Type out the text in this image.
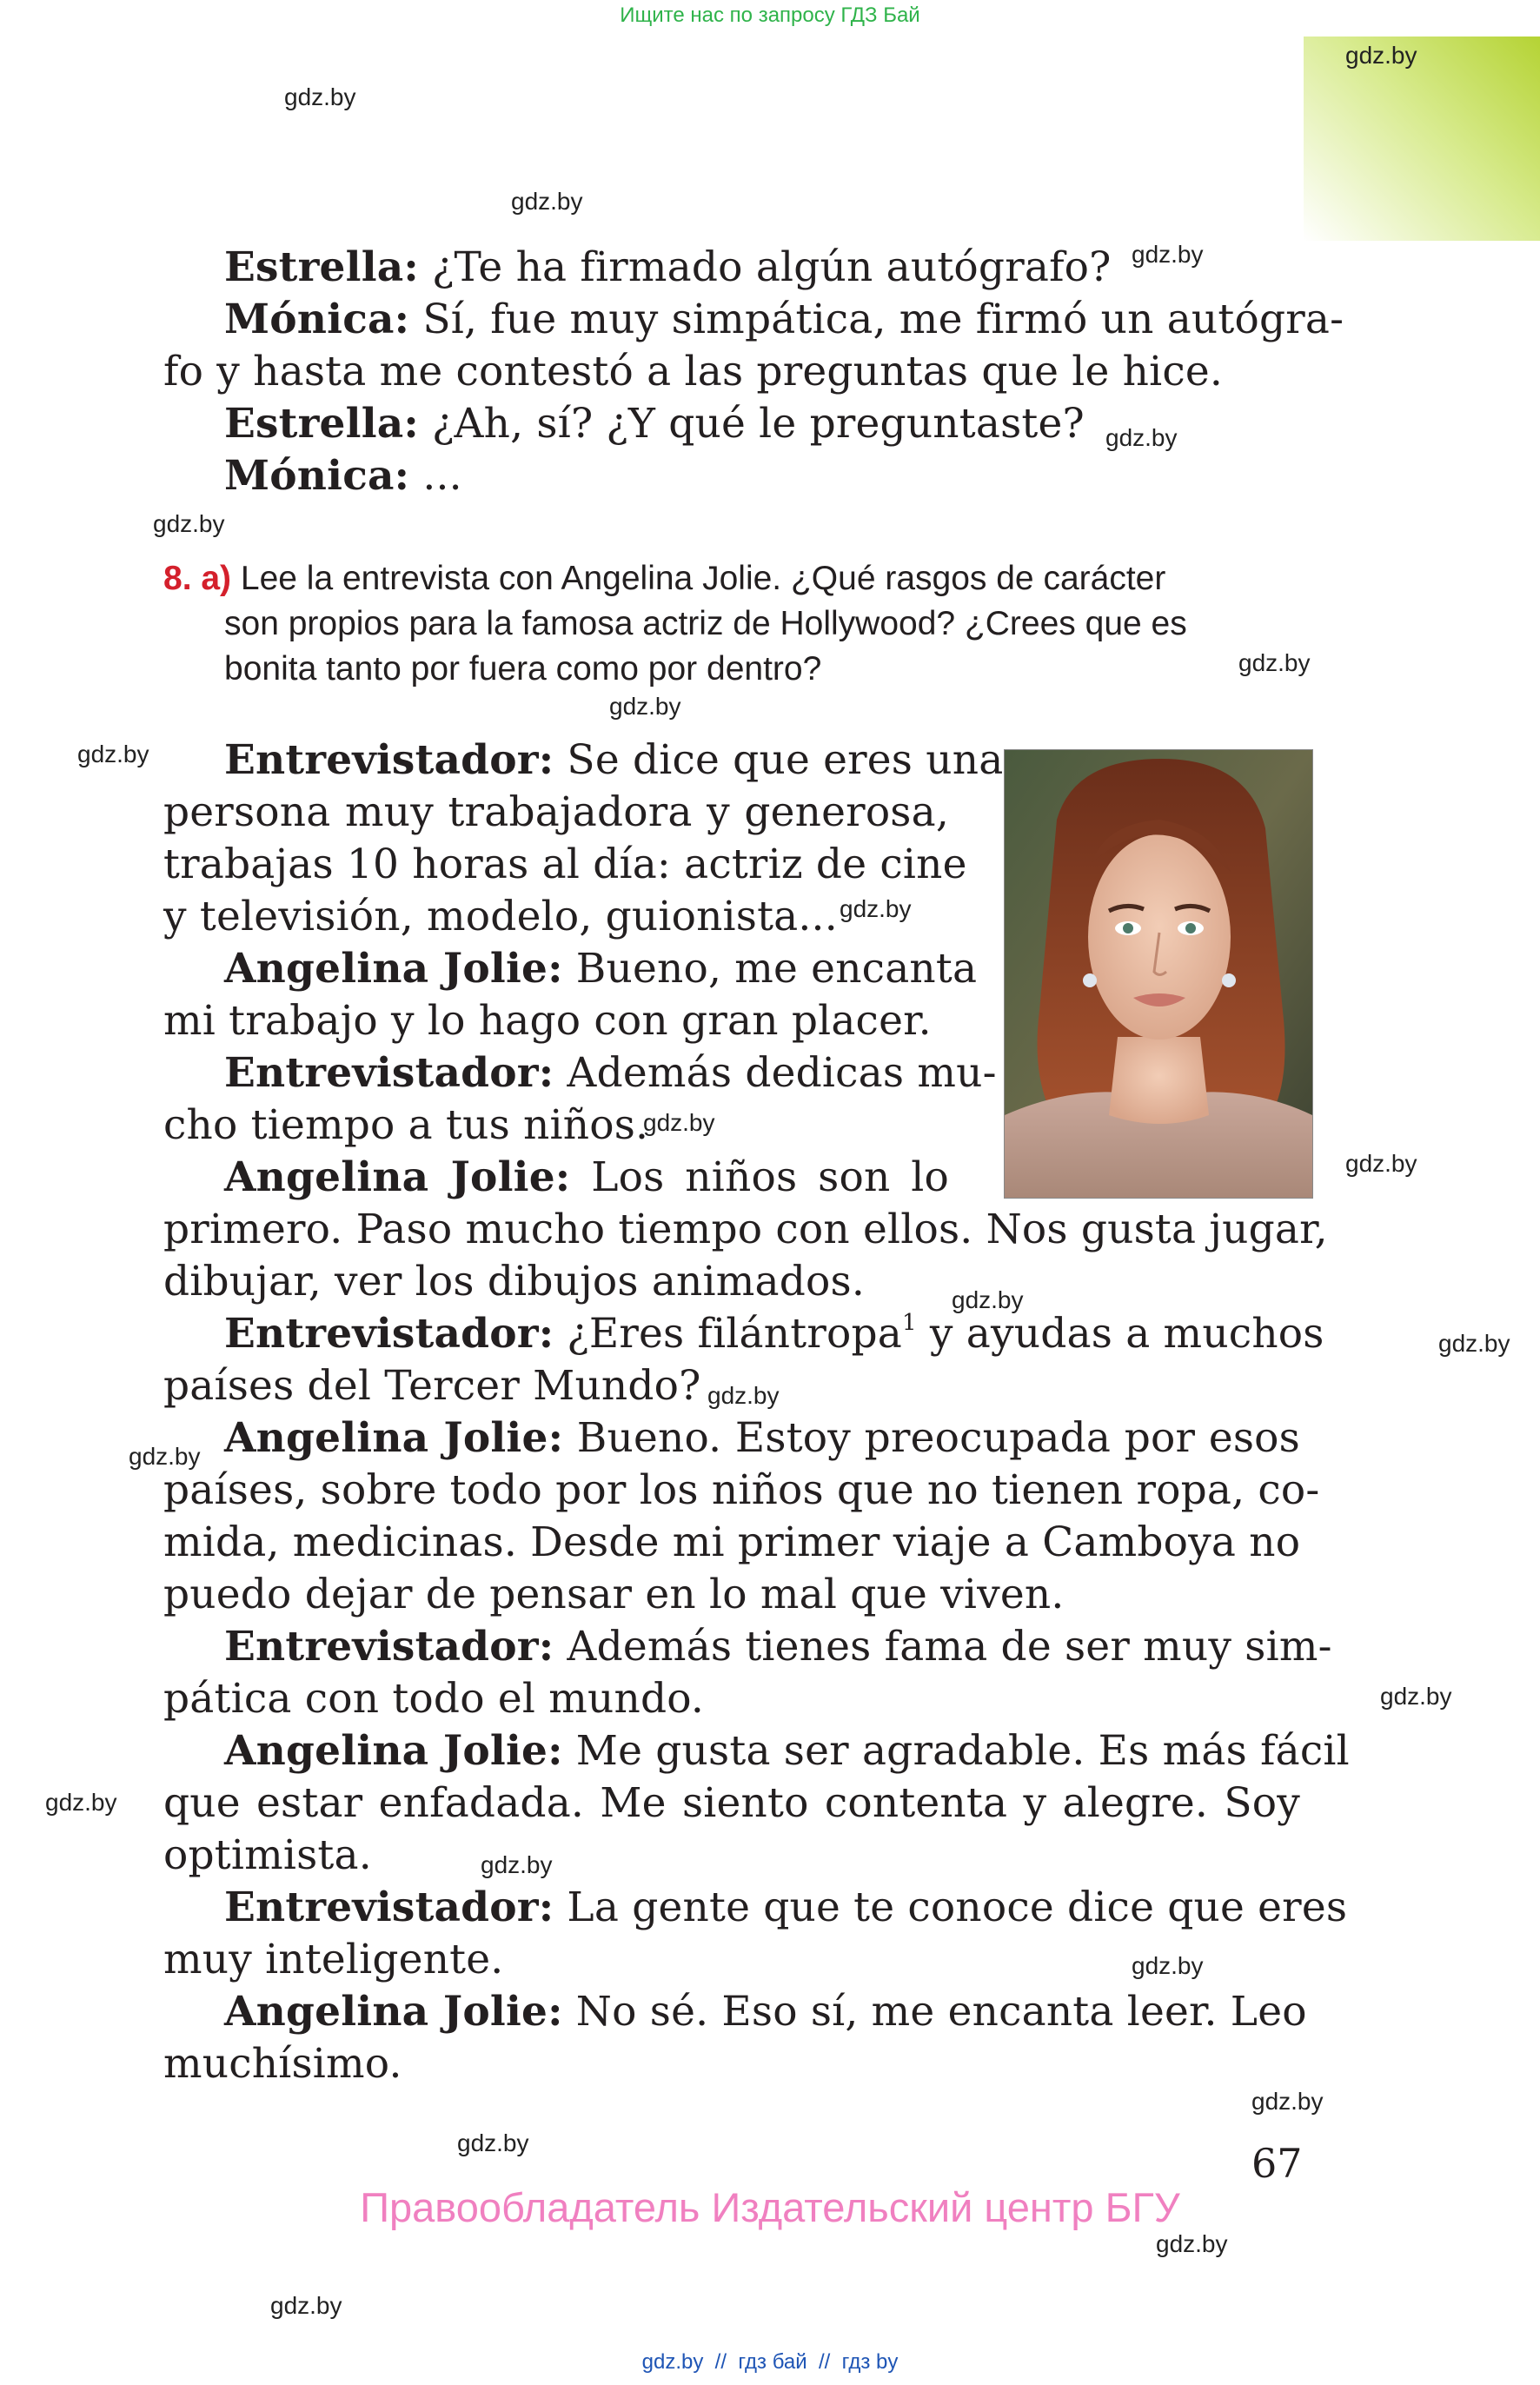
Ищите нас по запросу ГДЗ Бай
gdz.by
gdz.by
gdz.by
gdz.by
gdz.by
gdz.by
gdz.by
gdz.by
gdz.by
gdz.by
gdz.by
gdz.by
gdz.by
gdz.by
gdz.by
gdz.by
gdz.by
gdz.by
gdz.by
gdz.by
gdz.by
gdz.by
gdz.by
gdz.by
Estrella: ¿Te ha firmado algún autógrafo?
Mónica: Sí, fue muy simpática, me firmó un autógra-
fo y hasta me contestó a las preguntas que le hice.
Estrella: ¿Ah, sí? ¿Y qué le preguntaste?
Mónica: ...
8. a) Lee la entrevista con Angelina Jolie. ¿Qué rasgos de carácter
son propios para la famosa actriz de Hollywood? ¿Crees que es
bonita tanto por fuera como por dentro?
Entrevistador: Se dice que eres una
persona muy trabajadora y generosa,
trabajas 10 horas al día: actriz de cine
y televisión, modelo, guionista...
Angelina Jolie: Bueno, me encanta
mi trabajo y lo hago con gran placer.
Entrevistador: Además dedicas mu-
cho tiempo a tus niños.
Angelina Jolie: Los niños son lo
primero. Paso mucho tiempo con ellos. Nos gusta jugar,
dibujar, ver los dibujos animados.
Entrevistador: ¿Eres filántropa$^1$ y ayudas a muchos
países del Tercer Mundo?
Angelina Jolie: Bueno. Estoy preocupada por esos
países, sobre todo por los niños que no tienen ropa, co-
mida, medicinas. Desde mi primer viaje a Camboya no
puedo dejar de pensar en lo mal que viven.
Entrevistador: Además tienes fama de ser muy sim-
pática con todo el mundo.
Angelina Jolie: Me gusta ser agradable. Es más fácil
que estar enfadada. Me siento contenta y alegre. Soy
optimista.
Entrevistador: La gente que te conoce dice que eres
muy inteligente.
Angelina Jolie: No sé. Eso sí, me encanta leer. Leo
muchísimo.
67
Правообладатель Издательский центр БГУ
gdz.by  //  гдз бай  //  гдз by
